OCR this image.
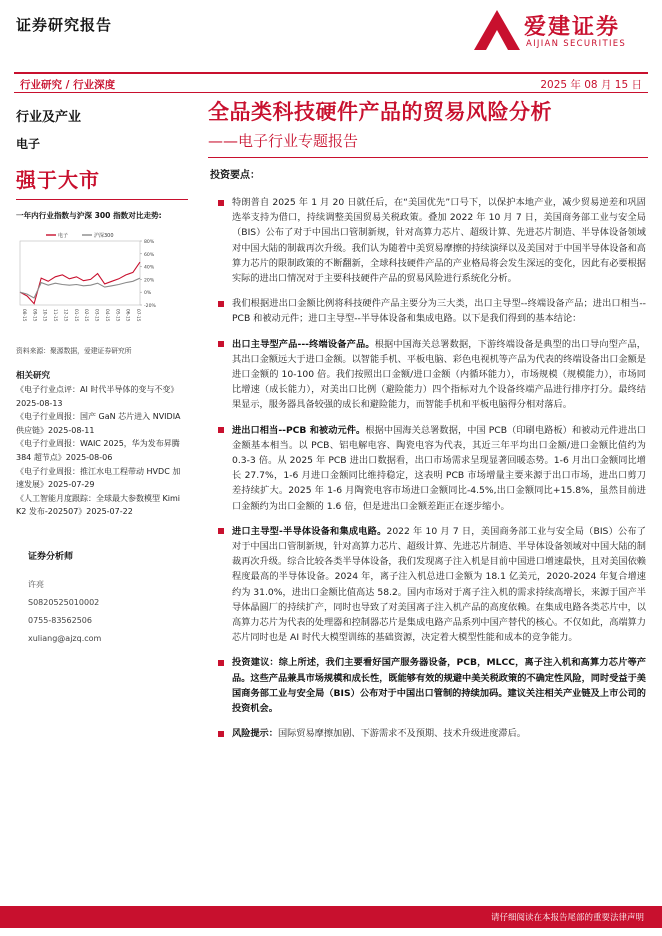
证券研究报告	爱建证券
AIJIAN SECURITIES
行业研究 / 行业深度	2025 年 08 月 15 日
全品类科技硬件产品的贸易风险分析
——电子行业专题报告
行业及产业
电子
强于大市
一年内行业指数与沪深 300 指数对比走势:
80%
60%
40%
20%
0%
-20%
08-15 09-15 10-15 11-15 12-15 01-15 02-15 03-15 04-15 05-15 06-15 07-15
电子	沪深300
资料来源：聚源数据，爱建证券研究所
相关研究
《电子行业点评：AI 时代半导体的变与不变》
2025-08-13
《电子行业周报：国产 GaN 芯片进入 NVIDIA
供应链》2025-08-11
《电子行业周报：WAIC 2025，华为发布昇腾
384 超节点》2025-08-06
《电子行业周报：推江水电工程带动 HVDC 加
速发展》2025-07-29
《人工智能月度跟踪：全球最大参数模型 Kimi
K2 发布-202507》2025-07-22
证券分析师
许亮
S0820525010002
0755-83562506
xuliang@ajzq.com
投资要点：
特朗普自 2025 年 1 月 20 日就任后，在“美国优先”口号下，以保护本地产业，减少贸易逆差和巩固选举支持为借口，持续调整美国贸易关税政策。叠加 2022 年 10 月 7 日，美国商务部工业与安全局（BIS）公布了对于中国出口管制新规，针对高算力芯片、超级计算、先进芯片制造、半导体设备领域对中国大陆的制裁再次升级。我们认为随着中美贸易摩擦的持续演绎以及美国对于中国半导体设备和高算力芯片的限制政策的不断翻新，全球科技硬件产品的产业格局将会发生深远的变化，因此有必要根据实际的进出口情况对于主要科技硬件产品的贸易风险进行系统化分析。
我们根据进出口金额比例将科技硬件产品主要分为三大类，出口主导型--终端设备产品；进出口相当--PCB 和被动元件；进口主导型--半导体设备和集成电路。以下是我们得到的基本结论：
出口主导型产品---终端设备产品。根据中国海关总署数据，下游终端设备是典型的出口导向型产品，其出口金额远大于进口金额。以智能手机、平板电脑、彩色电视机等产品为代表的终端设备出口金额是进口金额的 10-100 倍。我们按照出口金额/进口金额（内循环能力），市场规模（规模能力），市场同比增速（成长能力），对美出口比例（避险能力）四个指标对九个设备终端产品进行排序打分。最终结果显示，服务器具备较强的成长和避险能力，而智能手机和平板电脑得分相对落后。
进出口相当--PCB 和被动元件。根据中国海关总署数据，中国 PCB（印刷电路板）和被动元件进出口金额基本相当。以 PCB、铝电解电容、陶瓷电容为代表，其近三年平均出口金额/进口金额比值约为 0.3-3 倍。从 2025 年 PCB 进出口数据看，出口市场需求呈现显著回暖态势。1-6 月出口金额同比增长 27.7%，1-6 月进口金额同比维持稳定，这表明 PCB 市场增量主要来源于出口市场，进出口剪刀差持续扩大。2025 年 1-6 月陶瓷电容市场进口金额同比-4.5%,出口金额同比+15.8%，虽然目前进口金额约为出口金额的 1.6 倍，但是进出口金额差距正在逐步缩小。
进口主导型-半导体设备和集成电路。2022 年 10 月 7 日，美国商务部工业与安全局（BIS）公布了对于中国出口管制新规，针对高算力芯片、超级计算、先进芯片制造、半导体设备领域对中国大陆的制裁再次升级。综合比较各类半导体设备，我们发现离子注入机是目前中国进口增速最快，且对美国依赖程度最高的半导体设备。2024 年，离子注入机总进口金额为 18.1 亿美元，2020-2024 年复合增速约为 31.0%，进出口金额比值高达 58.2。国内市场对于离子注入机的需求持续高增长，来源于国产半导体晶圆厂的持续扩产，同时也导致了对美国离子注入机产品的高度依赖。在集成电路各类芯片中，以高算力芯片为代表的处理器和控制器芯片是集成电路产品系列中国产替代的核心。不仅如此，高端算力芯片同时也是 AI 时代大模型训练的基础资源，决定着大模型性能和成本的竞争能力。
投资建议：综上所述，我们主要看好国产服务器设备，PCB，MLCC，离子注入机和高算力芯片等产品。这些产品兼具市场规模和成长性，既能够有效的规避中美关税政策的不确定性风险，同时受益于美国商务部工业与安全局（BIS）公布对于中国出口管制的持续加码。建议关注相关产业链及上市公司的投资机会。
风险提示：国际贸易摩擦加剧、下游需求不及预期、技术升级进度滞后。
请仔细阅读在本报告尾部的重要法律声明
